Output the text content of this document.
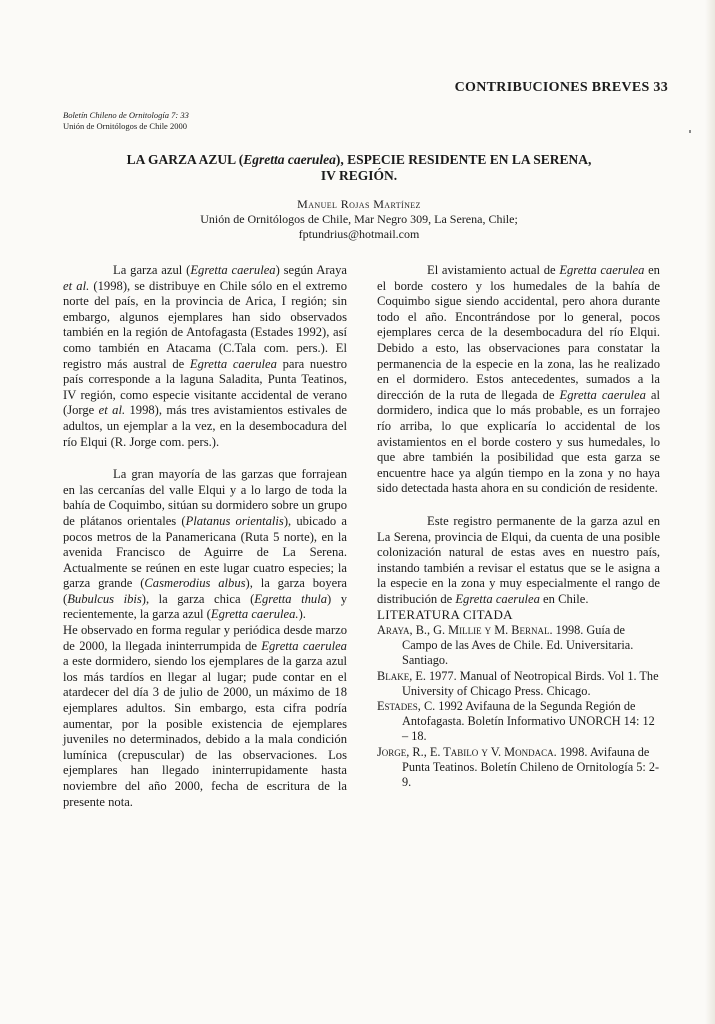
CONTRIBUCIONES BREVES 33
Boletín Chileno de Ornitología 7: 33
Unión de Ornitólogos de Chile 2000
LA GARZA AZUL (Egretta caerulea), ESPECIE RESIDENTE EN LA SERENA,
IV REGIÓN.
Manuel Rojas Martínez
Unión de Ornitólogos de Chile, Mar Negro 309, La Serena, Chile;
fptundrius@hotmail.com

La garza azul (Egretta caerulea) según Araya et al. (1998), se distribuye en Chile sólo en el extremo norte del país, en la provincia de Arica, I región; sin embargo, algunos ejemplares han sido observados también en la región de Antofagasta (Estades 1992), así como también en Atacama (C.Tala com. pers.). El registro más austral de Egretta caerulea para nuestro país corresponde a la laguna Saladita, Punta Teatinos, IV región, como especie visitante accidental de verano (Jorge et al. 1998), más tres avistamientos estivales de adultos, un ejemplar a la vez, en la desembocadura del río Elqui (R. Jorge com. pers.).

La gran mayoría de las garzas que forrajean en las cercanías del valle Elqui y a lo largo de toda la bahía de Coquimbo, sitúan su dormidero sobre un grupo de plátanos orientales (Platanus orientalis), ubicado a pocos metros de la Panamericana (Ruta 5 norte), en la avenida Francisco de Aguirre de La Serena. Actualmente se reúnen en este lugar cuatro especies; la garza grande (Casmerodius albus), la garza boyera (Bubulcus ibis), la garza chica (Egretta thula) y recientemente, la garza azul (Egretta caerulea.).

He observado en forma regular y periódica desde marzo de 2000, la llegada ininterrumpida de Egretta caerulea a este dormidero, siendo los ejemplares de la garza azul los más tardíos en llegar al lugar; pude contar en el atardecer del día 3 de julio de 2000, un máximo de 18 ejemplares adultos. Sin embargo, esta cifra podría aumentar, por la posible existencia de ejemplares juveniles no determinados, debido a la mala condición lumínica (crepuscular) de las observaciones. Los ejemplares han llegado ininterrupidamente hasta noviembre del año 2000, fecha de escritura de la presente nota.

El avistamiento actual de Egretta caerulea en el borde costero y los humedales de la bahía de Coquimbo sigue siendo accidental, pero ahora durante todo el año. Encontrándose por lo general, pocos ejemplares cerca de la desembocadura del río Elqui. Debido a esto, las observaciones para constatar la permanencia de la especie en la zona, las he realizado en el dormidero. Estos antecedentes, sumados a la dirección de la ruta de llegada de Egretta caerulea al dormidero, indica que lo más probable, es un forrajeo río arriba, lo que explicaría lo accidental de los avistamientos en el borde costero y sus humedales, lo que abre también la posibilidad que esta garza se encuentre hace ya algún tiempo en la zona y no haya sido detectada hasta ahora en su condición de residente.

Este registro permanente de la garza azul en La Serena, provincia de Elqui, da cuenta de una posible colonización natural de estas aves en nuestro país, instando también a revisar el estatus que se le asigna a la especie en la zona y muy especialmente el rango de distribución de Egretta caerulea en Chile.

LITERATURA CITADA

Araya, B., G. Millie y M. Bernal. 1998. Guía de Campo de las Aves de Chile. Ed. Universitaria. Santiago.

Blake, E. 1977. Manual of Neotropical Birds. Vol 1. The University of Chicago Press. Chicago.

Estades, C. 1992 Avifauna de la Segunda Región de Antofagasta. Boletín Informativo UNORCH 14: 12 – 18.

Jorge, R., E. Tabilo y V. Mondaca. 1998. Avifauna de Punta Teatinos. Boletín Chileno de Ornitología 5: 2-9.
